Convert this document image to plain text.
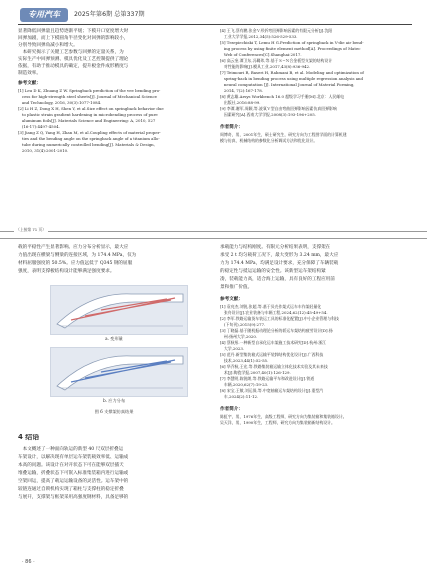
专用汽车	2025年第6期 总第337期
显著降低回弹量且趋势逐渐平缓；下模开口宽度增大时
回弹加剧，而上下模圆角半径变化对回弹的影响较小，
分别导致回弹角减小和增大。
　本研究揭示了关键工艺参数与回弹的定量关系，为
实际生产中回弹预测、模具优化及工艺控制提供了理论
依据，有助于推动模具的确定，提升板金件成形精度与
制造效率。
参考文献：
[1] Leu D K, Zhuang Z W. Springback prediction of the vee bending pro-
　cess for high-strength steel sheets[J]. Journal of Mechanical Science
　and Technology, 2016, 30(3):1077-1084.
[2] Li H Z, Dong X H, Shen Y, et al.Size effect on springback behavior due
　to plastic strain gradient hardening in microbending process of pure
　aluminum foils[J]. Materials Science and Engineering: A, 2010, 527
　(16-17):4497-4504.
[3] Jiang Z Q, Yang H, Zhan M, et al.Coupling effects of material proper-
　ties and the bending angle on the springback angle of a titanium allo-
　tube during numerically controlled bending[J]. Materials & Design,
　2010, 31(4):2001-2010.
[4] 王飞,蔡有鹏,张金Ｖ形折弯回弹影响因素的有限元分析[J].沈阳
　工业大学学报,2012,34(5):526-529-533.
[5] Trzepiechiski T, Lemu H G.Prediction of springback in V-die air bend-
　ing process by using finite element method[A]. Proceedings of Matec
　Web of Conferences[C].Shanghai:2017.
[6] 高云奎,谭卫东,冯璐玮,等.基于Ｓ−Ｎ合金板型支架的结构设计
　对性能的影响[J].模具工业,2017,43(8):936-942.
[7] Teimouri R, Baseri H, Rahmani B, et al. Modeling and optimization of
　spring-back in bending process using multiple regression analysis and
　neural computation [J]. International Journal of Material Forming,
　2014, 7(2):167-178.
[8] 黄志雄.Arsys Workbench 16.0 超级学习手册[M].北京：人民邮电
　出版社,2016:88-99.
[9] 李谭,谢军,周颖,等.液氧Ｖ型自由弯曲回弹影响因素仿真回弹影响
　因素研究[A].西南大学学报,2008(3):193-196+205.
作者简介：
周博奇，男，2001年生，硕士研究生，研究方向为工程图学面的计算机建
模与仿真，机械结构的参数化分析调试方法和优化设计。
（上接第 71 页）
载的平稳性产生显著影响。应力分布分析显示，最大应
力值出现在横梁与侧梁的连接区域，为 174.4 MPa，仅为
材料屈服强度的 50.5%。应力值远低于 Q345 钢的屈服
强度，表明支撑板结构设计能够满足强度要求。
a. 变形量
b. 应力分布
图 6 支撑架仿真结果
4 结语
　本文概述了一种面向轨运的新型 40 尺双层折叠运
车架设计，以解决现有单层运车架装载效率低、运输成
本高的问题。该设计在对开状态下可在能够双层插天
堆叠运输，折叠状态下可嵌入标准集装箱内进行运输或
空架回运，提高了载运运输设备的灵活性。运车架中的
较链连通过自锁机构实现了箱柱与支撑柱的稳定折叠
与展开，支撑架与框架采用高强度钢材料，具备足够的
承载能力与结构刚度。有限元分析结果表明，支撑架在
承受 2 t 均匀载荷工况下，最大变形为 3.24 mm，最大应
力为 174.4 MPa，均满足设计要求，充分保障了车辆装载
的稳定性与抵运运输的安全性。该新型运车架结构紧
凑，装载能力高，适合海上运输，具有良好的工程应用前
景和推广价值。
参考文献：
[1] 袁亮杰,刘锐,张超,等.基于贝壳作架式运车车作架轻量化
　张舟设计[J].农业装备与车辆工程,2024,62(12):45-49+54.
[2] 李军.铁路运输货车装运工具的标准化配置[J].中小企业管理与科技
　(下旬刊),2015(9):277.
[3] 丁晓磊.基于随机振动理论分析的轿运车架结构疲劳设计[D].扬
　州:扬州大学,2020.
[4] 蔡秋彤.一种新型自承化运车架施工技术研究[D].杭州:浙江
　大学,2023.
[5] 范丹.新型集装箱式运输平装卸结构优化设计[J].广西科技
　技术,2023,44(1):52-55.
[6] 华乔秋,王宏,等.铁路集装箱运输立体化技术实验及其未来技
　术[J].陶瓷学报,2007,40(1):126-129.
[7] 李慧明,陈锐朗,等.铁路运输平车和改进设计[J].铁道
　车辆,2020,62(7):19-23.
[8] 宋宝,王敏,刘运保,等.中宽轴箱运车架结构设计[J].重型汽
　车,2024(2):11-12.
作者简介：
陈虹宇，男，1976年生，高级工程师，研究方向为集装箱和集装箱设计。
吴天洋，男，1990年生，工程师，研究方向为集装箱新结构设计。
· 86 ·
